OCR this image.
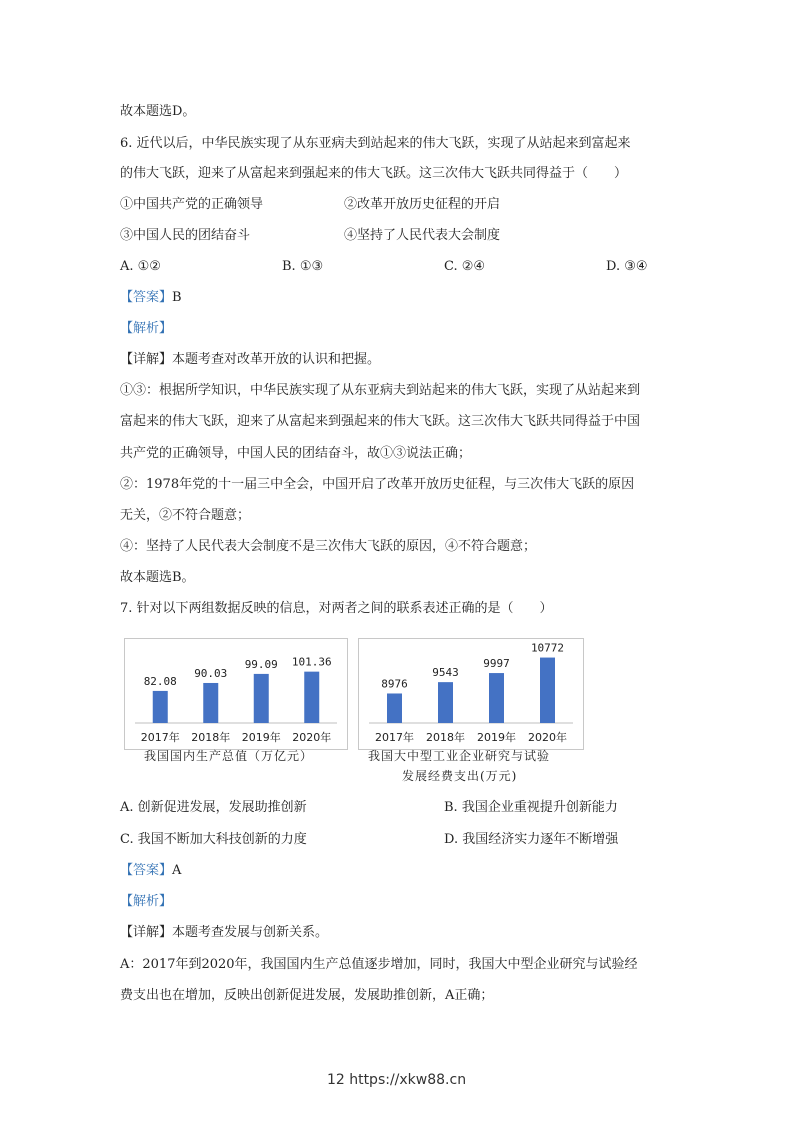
故本题选D。
6. 近代以后，中华民族实现了从东亚病夫到站起来的伟大飞跃，实现了从站起来到富起来
的伟大飞跃，迎来了从富起来到强起来的伟大飞跃。这三次伟大飞跃共同得益于（　　）
①中国共产党的正确领导	②改革开放历史征程的开启
③中国人民的团结奋斗	④坚持了人民代表大会制度
A. ①②	B. ①③	C. ②④	D. ③④
【答案】B
【解析】
【详解】本题考查对改革开放的认识和把握。
①③：根据所学知识，中华民族实现了从东亚病夫到站起来的伟大飞跃，实现了从站起来到
富起来的伟大飞跃，迎来了从富起来到强起来的伟大飞跃。这三次伟大飞跃共同得益于中国
共产党的正确领导，中国人民的团结奋斗，故①③说法正确；
②：1978年党的十一届三中全会，中国开启了改革开放历史征程，与三次伟大飞跃的原因
无关，②不符合题意；
④：坚持了人民代表大会制度不是三次伟大飞跃的原因，④不符合题意；
故本题选B。
7. 针对以下两组数据反映的信息，对两者之间的联系表述正确的是（　　）
82.08
2017年
90.03
2018年
99.09
2019年
101.36
2020年
我国国内生产总值（万亿元）
8976
2017年
9543
2018年
9997
2019年
10772
2020年
我国大中型工业企业研究与试验
发展经费支出(万元)
A. 创新促进发展，发展助推创新	B. 我国企业重视提升创新能力
C. 我国不断加大科技创新的力度	D. 我国经济实力逐年不断增强
【答案】A
【解析】
【详解】本题考查发展与创新关系。
A：2017年到2020年，我国国内生产总值逐步增加，同时，我国大中型企业研究与试验经
费支出也在增加，反映出创新促进发展，发展助推创新，A正确；
12 https://xkw88.cn
